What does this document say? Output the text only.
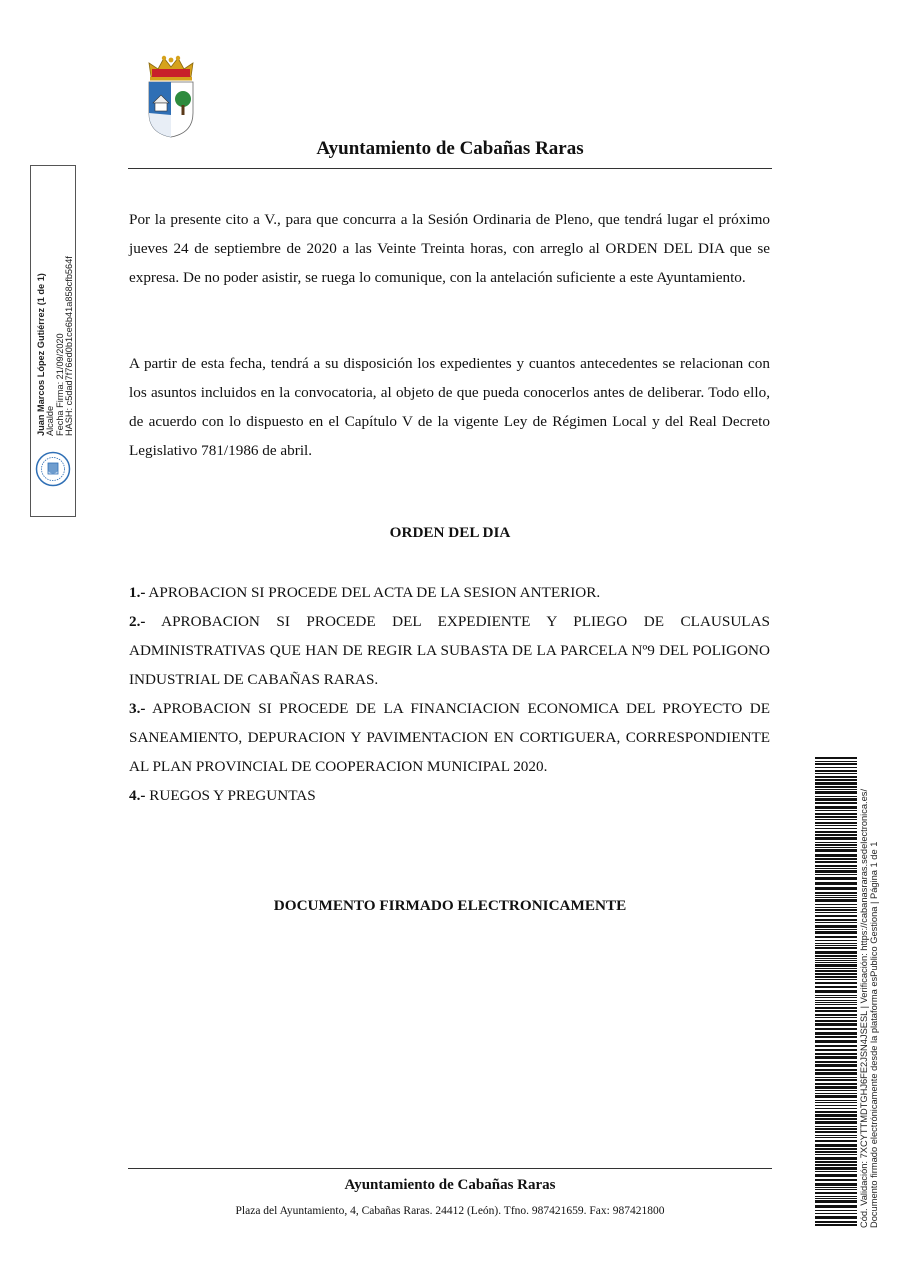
Ayuntamiento de Cabañas Raras

Por la presente cito a V., para que concurra a la Sesión Ordinaria de Pleno, que tendrá lugar el próximo jueves 24 de septiembre de 2020 a las Veinte Treinta horas, con arreglo al ORDEN DEL DIA que se expresa. De no poder asistir, se ruega lo comunique, con la antelación suficiente a este Ayuntamiento.

A partir de esta fecha, tendrá a su disposición los expedientes y cuantos antecedentes se relacionan con los asuntos incluidos en la convocatoria, al objeto de que pueda conocerlos antes de deliberar. Todo ello, de acuerdo con lo dispuesto en el Capítulo V de la vigente Ley de Régimen Local y del Real Decreto Legislativo 781/1986 de abril.

ORDEN DEL DIA
1.- APROBACION SI PROCEDE DEL ACTA DE LA SESION ANTERIOR.
2.- APROBACION SI PROCEDE DEL EXPEDIENTE Y PLIEGO DE CLAUSULAS ADMINISTRATIVAS QUE HAN DE REGIR LA SUBASTA DE LA PARCELA Nº9 DEL POLIGONO INDUSTRIAL DE CABAÑAS RARAS.
3.- APROBACION SI PROCEDE DE LA FINANCIACION ECONOMICA DEL PROYECTO DE SANEAMIENTO, DEPURACION Y PAVIMENTACION EN CORTIGUERA, CORRESPONDIENTE AL PLAN PROVINCIAL DE COOPERACION MUNICIPAL 2020.
4.- RUEGOS Y PREGUNTAS
DOCUMENTO FIRMADO ELECTRONICAMENTE
Ayuntamiento de Cabañas Raras
Plaza del Ayuntamiento, 4, Cabañas Raras. 24412 (León). Tfno. 987421659. Fax: 987421800
Juan Marcos López Gutiérrez (1 de 1) Alcalde Fecha Firma: 21/09/2020 HASH: c5dad7f76ed0b1ce6b41a858cfb564f
Cód. Validación: 7XCYTTMDTGHJ6FE2JSN4JSESL | Verificación: https://cabanasraras.sedelectronica.es/ Documento firmado electrónicamente desde la plataforma esPublico Gestiona | Página 1 de 1
